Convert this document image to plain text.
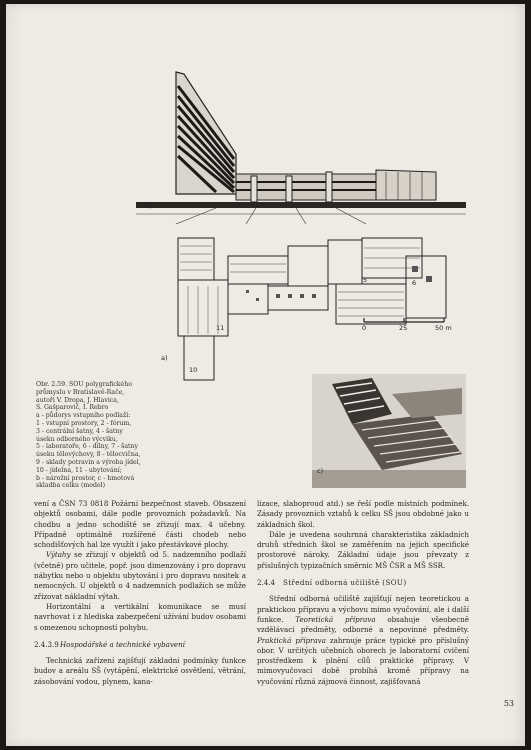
b)
a)
10
11
5	6
0	25	50 m
c)
Obr. 2.59. SOU polygrafického
průmyslu v Bratislavě-Rače,
autoři V. Dropa, J. Hlavica,
S. Gašparovič, I. Rebro
a - půdorys vstupního podlaží:
1 - vstupní prostory, 2 - fórum,
3 - centrální šatny, 4 - šatny
úseku odborného výcviku,
5 - laboratoře, 6 - dílny, 7 - šatny
úseku tělovýchovy, 8 - tělocvična,
9 - sklady potravin a výroba jídel,
10 - jídelna, 11 - ubytování;
b - nárožní prostor, c - hmotová
skladba celku (model)

vení a ČSN 73 0818 Požární bezpečnost staveb. Obsazení objektů osobami, dále podle provozních požadavků. Na chodbu a jedno schodiště se zřizují max. 4 učebny. Případně optimálně rozšířené části chodeb nebo schodišťových hal lze využít i jako přestávkové plochy.

Výtahy se zřizují v objektů od 5. nadzemního podlaží (včetně) pro učitele, popř. jsou dimenzovány i pro dopravu nábytku nebo u objektu ubytování i pro dopravu nositek a nemocných. U objektů o 4 nadzemních podlažích se může zřizovat nákladní výtah.

Horizontální a vertikální komunikace se musí navrhovat i z hlediska zabezpečení užívání budov osobami s omezenou schopností pohybu.

2.4.3.9Hospodářské a technické vybavení

Technická zařízení zajišťují základní podmínky funkce budov a areálu SŠ (vytápění, elektrické osvětlení, větrání, zásobování vodou, plynem, kana-

lizace, slaboproud atd.) se řeší podle místních podmínek. Zásady provozních vztahů k celku SŠ jsou obdobné jako u základních škol.

Dále je uvedena souhrnná charakteristika základních druhů středních škol se zaměřením na jejich specifické prostorové nároky. Základní údaje jsou převzaty z příslušných typizačních směrnic MŠ ČSR a MŠ SSR.

2.4.4 Střední odborná učiliště (SOU)

Střední odborná učiliště zajišťují nejen teoretickou a praktickou přípravu a výchovu mimo vyučování, ale i další funkce. Teoretická příprava obsahuje všeobecně vzdělávací předměty, odborné a nepovinné předměty. Praktická příprava zahrnuje práce typické pro příslušný obor. V určitých učebních oborech je laboratorní cvičení prostředkem k plnění cílů praktické přípravy. V mimovyučovací době probíhá kromě přípravy na vyučování různá zájmová činnost, zajišťovaná

53
